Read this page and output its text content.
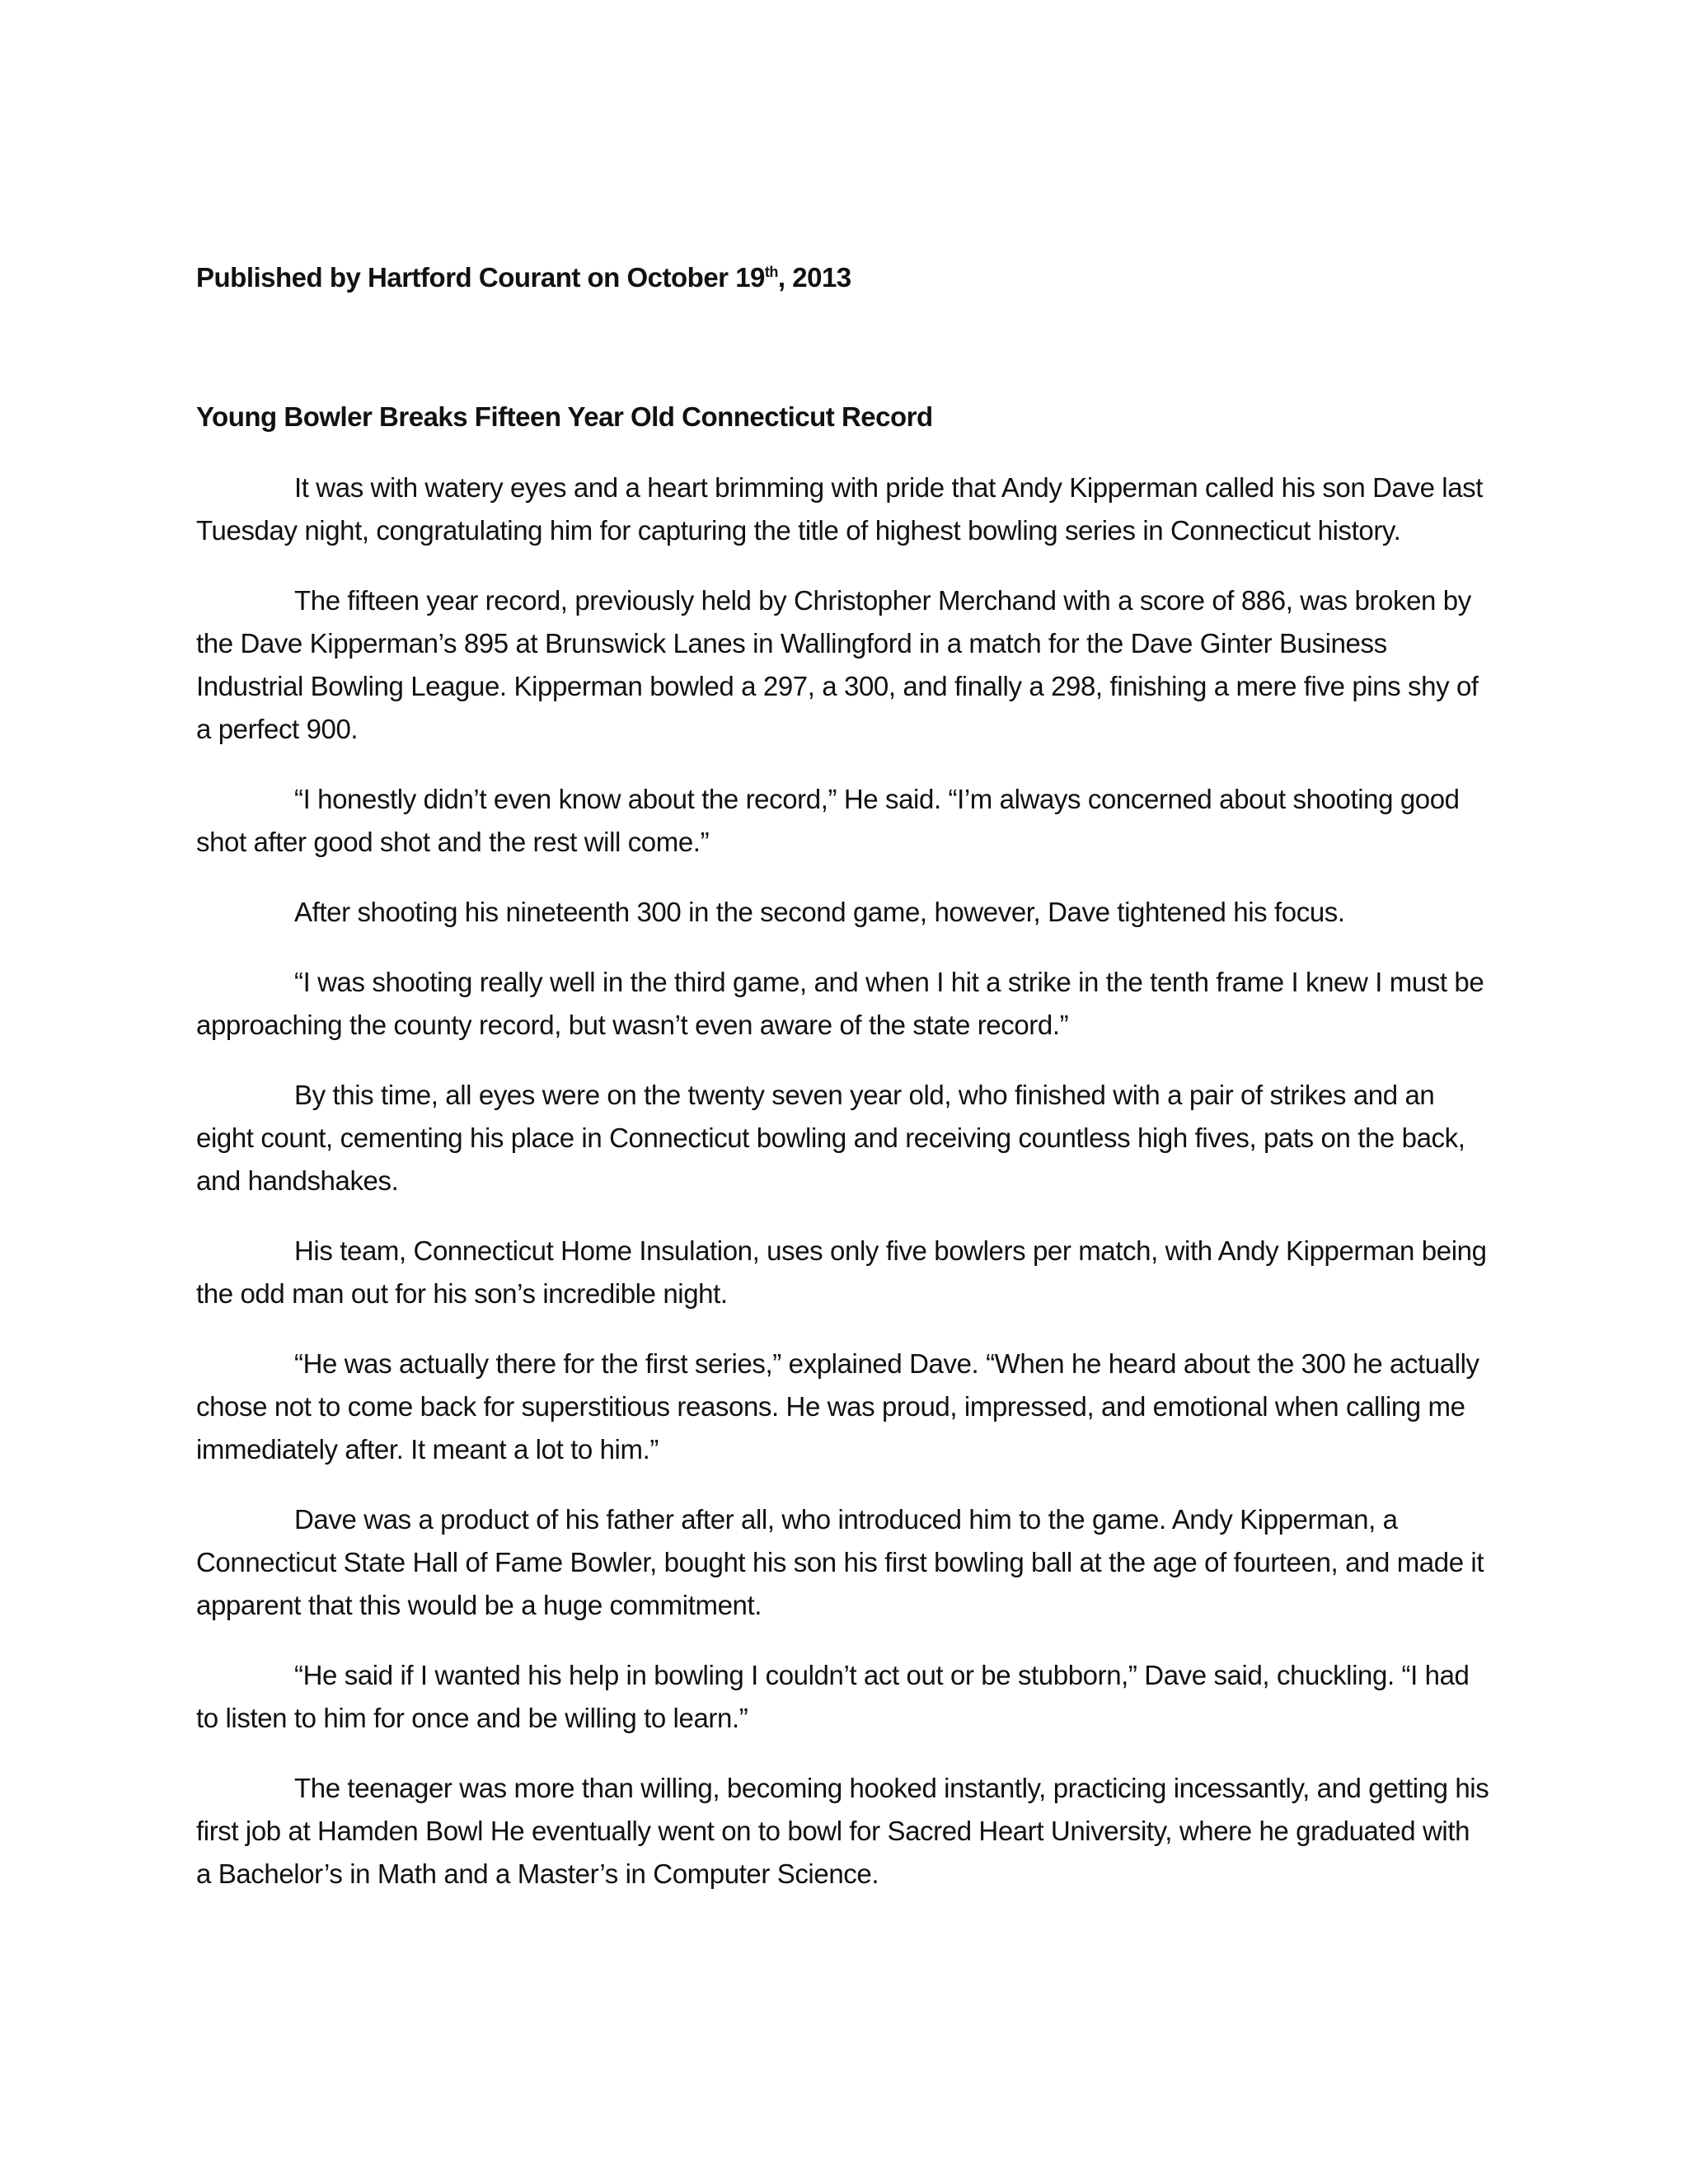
Published by Hartford Courant on October 19th, 2013
Young Bowler Breaks Fifteen Year Old Connecticut Record

It was with watery eyes and a heart brimming with pride that Andy Kipperman called his son Dave last Tuesday night, congratulating him for capturing the title of highest bowling series in Connecticut history.

The fifteen year record, previously held by Christopher Merchand with a score of 886, was broken by the Dave Kipperman’s 895 at Brunswick Lanes in Wallingford in a match for the Dave Ginter Business Industrial Bowling League. Kipperman bowled a 297, a 300, and finally a 298, finishing a mere five pins shy of a perfect 900.

“I honestly didn’t even know about the record,” He said. “I’m always concerned about shooting good shot after good shot and the rest will come.”

After shooting his nineteenth 300 in the second game, however, Dave tightened his focus.

“I was shooting really well in the third game, and when I hit a strike in the tenth frame I knew I must be approaching the county record, but wasn’t even aware of the state record.”

By this time, all eyes were on the twenty seven year old, who finished with a pair of strikes and an eight count, cementing his place in Connecticut bowling and receiving countless high fives, pats on the back, and handshakes.

His team, Connecticut Home Insulation, uses only five bowlers per match, with Andy Kipperman being the odd man out for his son’s incredible night.

“He was actually there for the first series,” explained Dave. “When he heard about the 300 he actually chose not to come back for superstitious reasons. He was proud, impressed, and emotional when calling me immediately after. It meant a lot to him.”

Dave was a product of his father after all, who introduced him to the game. Andy Kipperman, a Connecticut State Hall of Fame Bowler, bought his son his first bowling ball at the age of fourteen, and made it apparent that this would be a huge commitment.

“He said if I wanted his help in bowling I couldn’t act out or be stubborn,” Dave said, chuckling. “I had to listen to him for once and be willing to learn.”

The teenager was more than willing, becoming hooked instantly, practicing incessantly, and getting his first job at Hamden Bowl He eventually went on to bowl for Sacred Heart University, where he graduated with a Bachelor’s in Math and a Master’s in Computer Science.
